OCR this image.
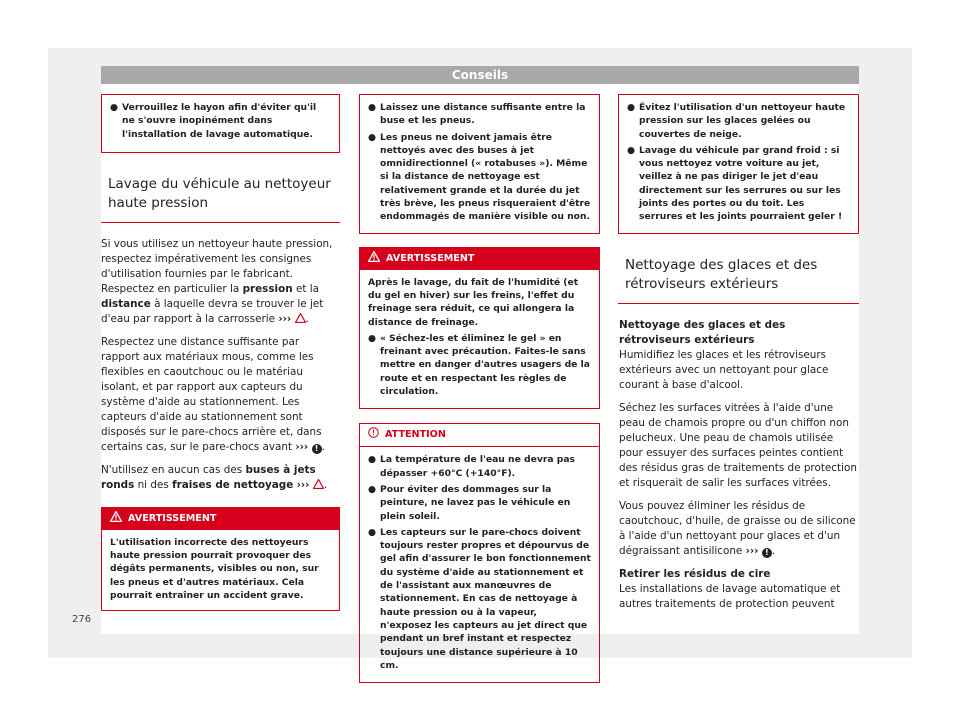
Conseils
● Verrouillez le hayon afin d'éviter qu'il ne s'ouvre inopinément dans l'installation de lavage automatique.
Lavage du véhicule au nettoyeur haute pression

Si vous utilisez un nettoyeur haute pression, respectez impérativement les consignes d'utilisation fournies par le fabricant. Respectez en particulier la pression et la distance à laquelle devra se trouver le jet d'eau par rapport à la carrosserie ››› .

Respectez une distance suffisante par rapport aux matériaux mous, comme les flexibles en caoutchouc ou le matériau isolant, et par rapport aux capteurs du système d'aide au stationnement. Les capteurs d'aide au stationnement sont disposés sur le pare-chocs arrière et, dans certains cas, sur le pare-chocs avant ››› ! .

N'utilisez en aucun cas des buses à jets ronds ni des fraises de nettoyage ››› .

AVERTISSEMENT
L'utilisation incorrecte des nettoyeurs haute pression pourrait provoquer des dégâts permanents, visibles ou non, sur les pneus et d'autres matériaux. Cela pourrait entraîner un accident grave.
● Laissez une distance suffisante entre la buse et les pneus.
● Les pneus ne doivent jamais être nettoyés avec des buses à jet omnidirectionnel (« rotabuses »). Même si la distance de nettoyage est relativement grande et la durée du jet très brève, les pneus risqueraient d'être endommagés de manière visible ou non.
AVERTISSEMENT
Après le lavage, du fait de l'humidité (et du gel en hiver) sur les freins, l'effet du freinage sera réduit, ce qui allongera la distance de freinage.
● « Séchez-les et éliminez le gel » en freinant avec précaution. Faites-le sans mettre en danger d'autres usagers de la route et en respectant les règles de circulation.
ATTENTION
● La température de l'eau ne devra pas dépasser +60°C (+140°F).
● Pour éviter des dommages sur la peinture, ne lavez pas le véhicule en plein soleil.
● Les capteurs sur le pare-chocs doivent toujours rester propres et dépourvus de gel afin d'assurer le bon fonctionnement du système d'aide au stationnement et de l'assistant aux manœuvres de stationnement. En cas de nettoyage à haute pression ou à la vapeur, n'exposez les capteurs au jet direct que pendant un bref instant et respectez toujours une distance supérieure à 10 cm.
● Évitez l'utilisation d'un nettoyeur haute pression sur les glaces gelées ou couvertes de neige.
● Lavage du véhicule par grand froid : si vous nettoyez votre voiture au jet, veillez à ne pas diriger le jet d'eau directement sur les serrures ou sur les joints des portes ou du toit. Les serrures et les joints pourraient geler !
Nettoyage des glaces et des rétroviseurs extérieurs
Nettoyage des glaces et des rétroviseurs extérieurs

Humidifiez les glaces et les rétroviseurs extérieurs avec un nettoyant pour glace courant à base d'alcool.

Séchez les surfaces vitrées à l'aide d'une peau de chamois propre ou d'un chiffon non pelucheux. Une peau de chamois utilisée pour essuyer des surfaces peintes contient des résidus gras de traitements de protection et risquerait de salir les surfaces vitrées.

Vous pouvez éliminer les résidus de caoutchouc, d'huile, de graisse ou de silicone à l'aide d'un nettoyant pour glaces et d'un dégraissant antisilicone ››› ! .

Retirer les résidus de cire

Les installations de lavage automatique et autres traitements de protection peuvent

276
